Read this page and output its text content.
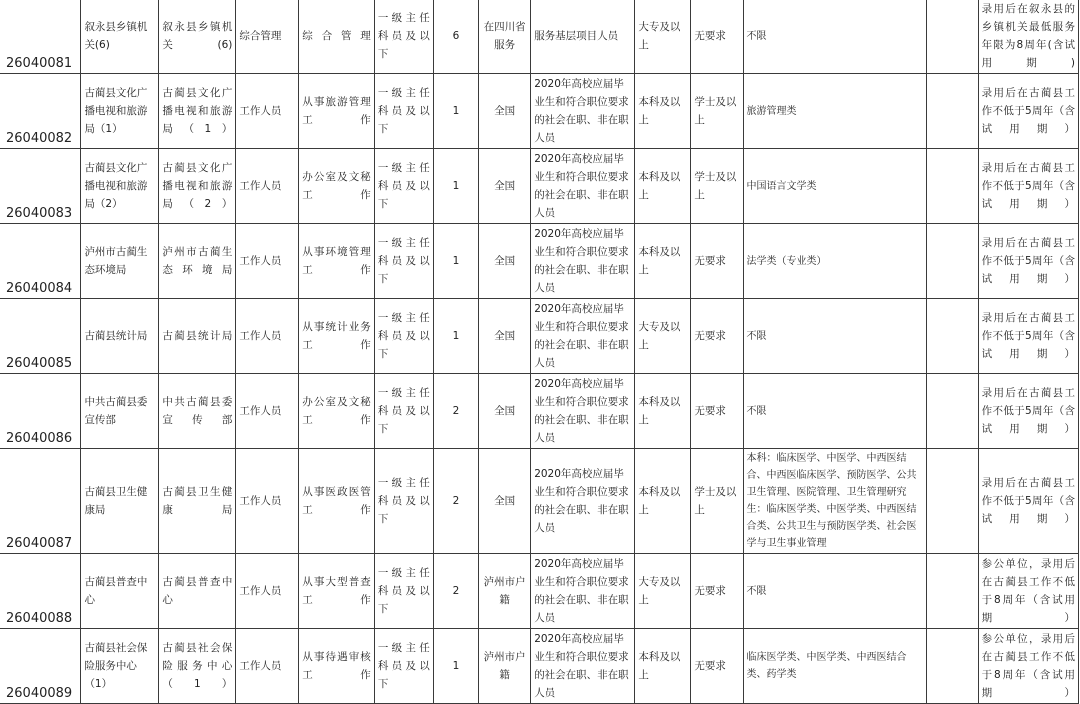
26040081	叙永县乡镇机关(6)	叙永县乡镇机关(6)	综合管理	综合管理	一级主任科员及以下	6	在四川省服务	服务基层项目人员	大专及以上	无要求	不限		录用后在叙永县的乡镇机关最低服务年限为8周年(含试用期)
26040082	古蔺县文化广播电视和旅游局（1）	古蔺县文化广播电视和旅游局（1）	工作人员	从事旅游管理工作	一级主任科员及以下	1	全国	2020年高校应届毕业生和符合职位要求的社会在职、非在职人员	本科及以上	学士及以上	旅游管理类		录用后在古蔺县工作不低于5周年（含试用期）
26040083	古蔺县文化广播电视和旅游局（2）	古蔺县文化广播电视和旅游局（2）	工作人员	办公室及文秘工作	一级主任科员及以下	1	全国	2020年高校应届毕业生和符合职位要求的社会在职、非在职人员	本科及以上	学士及以上	中国语言文学类		录用后在古蔺县工作不低于5周年（含试用期）
26040084	泸州市古蔺生态环境局	泸州市古蔺生态环境局	工作人员	从事环境管理工作	一级主任科员及以下	1	全国	2020年高校应届毕业生和符合职位要求的社会在职、非在职人员	本科及以上	无要求	法学类（专业类）		录用后在古蔺县工作不低于5周年（含试用期）
26040085	古蔺县统计局	古蔺县统计局	工作人员	从事统计业务工作	一级主任科员及以下	1	全国	2020年高校应届毕业生和符合职位要求的社会在职、非在职人员	大专及以上	无要求	不限		录用后在古蔺县工作不低于5周年（含试用期）
26040086	中共古蔺县委宣传部	中共古蔺县委宣传部	工作人员	办公室及文秘工作	一级主任科员及以下	2	全国	2020年高校应届毕业生和符合职位要求的社会在职、非在职人员	本科及以上	无要求	不限		录用后在古蔺县工作不低于5周年（含试用期）
26040087	古蔺县卫生健康局	古蔺县卫生健康局	工作人员	从事医政医管工作	一级主任科员及以下	2	全国	2020年高校应届毕业生和符合职位要求的社会在职、非在职人员	本科及以上	学士及以上	本科：临床医学、中医学、中西医结合、中西医临床医学、预防医学、公共卫生管理、医院管理、卫生管理研究生：临床医学类、中医学类、中西医结合类、公共卫生与预防医学类、社会医学与卫生事业管理		录用后在古蔺县工作不低于5周年（含试用期）
26040088	古蔺县普查中心	古蔺县普查中心	工作人员	从事大型普查工作	一级主任科员及以下	2	泸州市户籍	2020年高校应届毕业生和符合职位要求的社会在职、非在职人员	大专及以上	无要求	不限		参公单位，录用后在古蔺县工作不低于8周年（含试用期）
26040089	古蔺县社会保险服务中心（1）	古蔺县社会保险服务中心（1）	工作人员	从事待遇审核工作	一级主任科员及以下	1	泸州市户籍	2020年高校应届毕业生和符合职位要求的社会在职、非在职人员	本科及以上	无要求	临床医学类、中医学类、中西医结合类、药学类		参公单位，录用后在古蔺县工作不低于8周年（含试用期）
